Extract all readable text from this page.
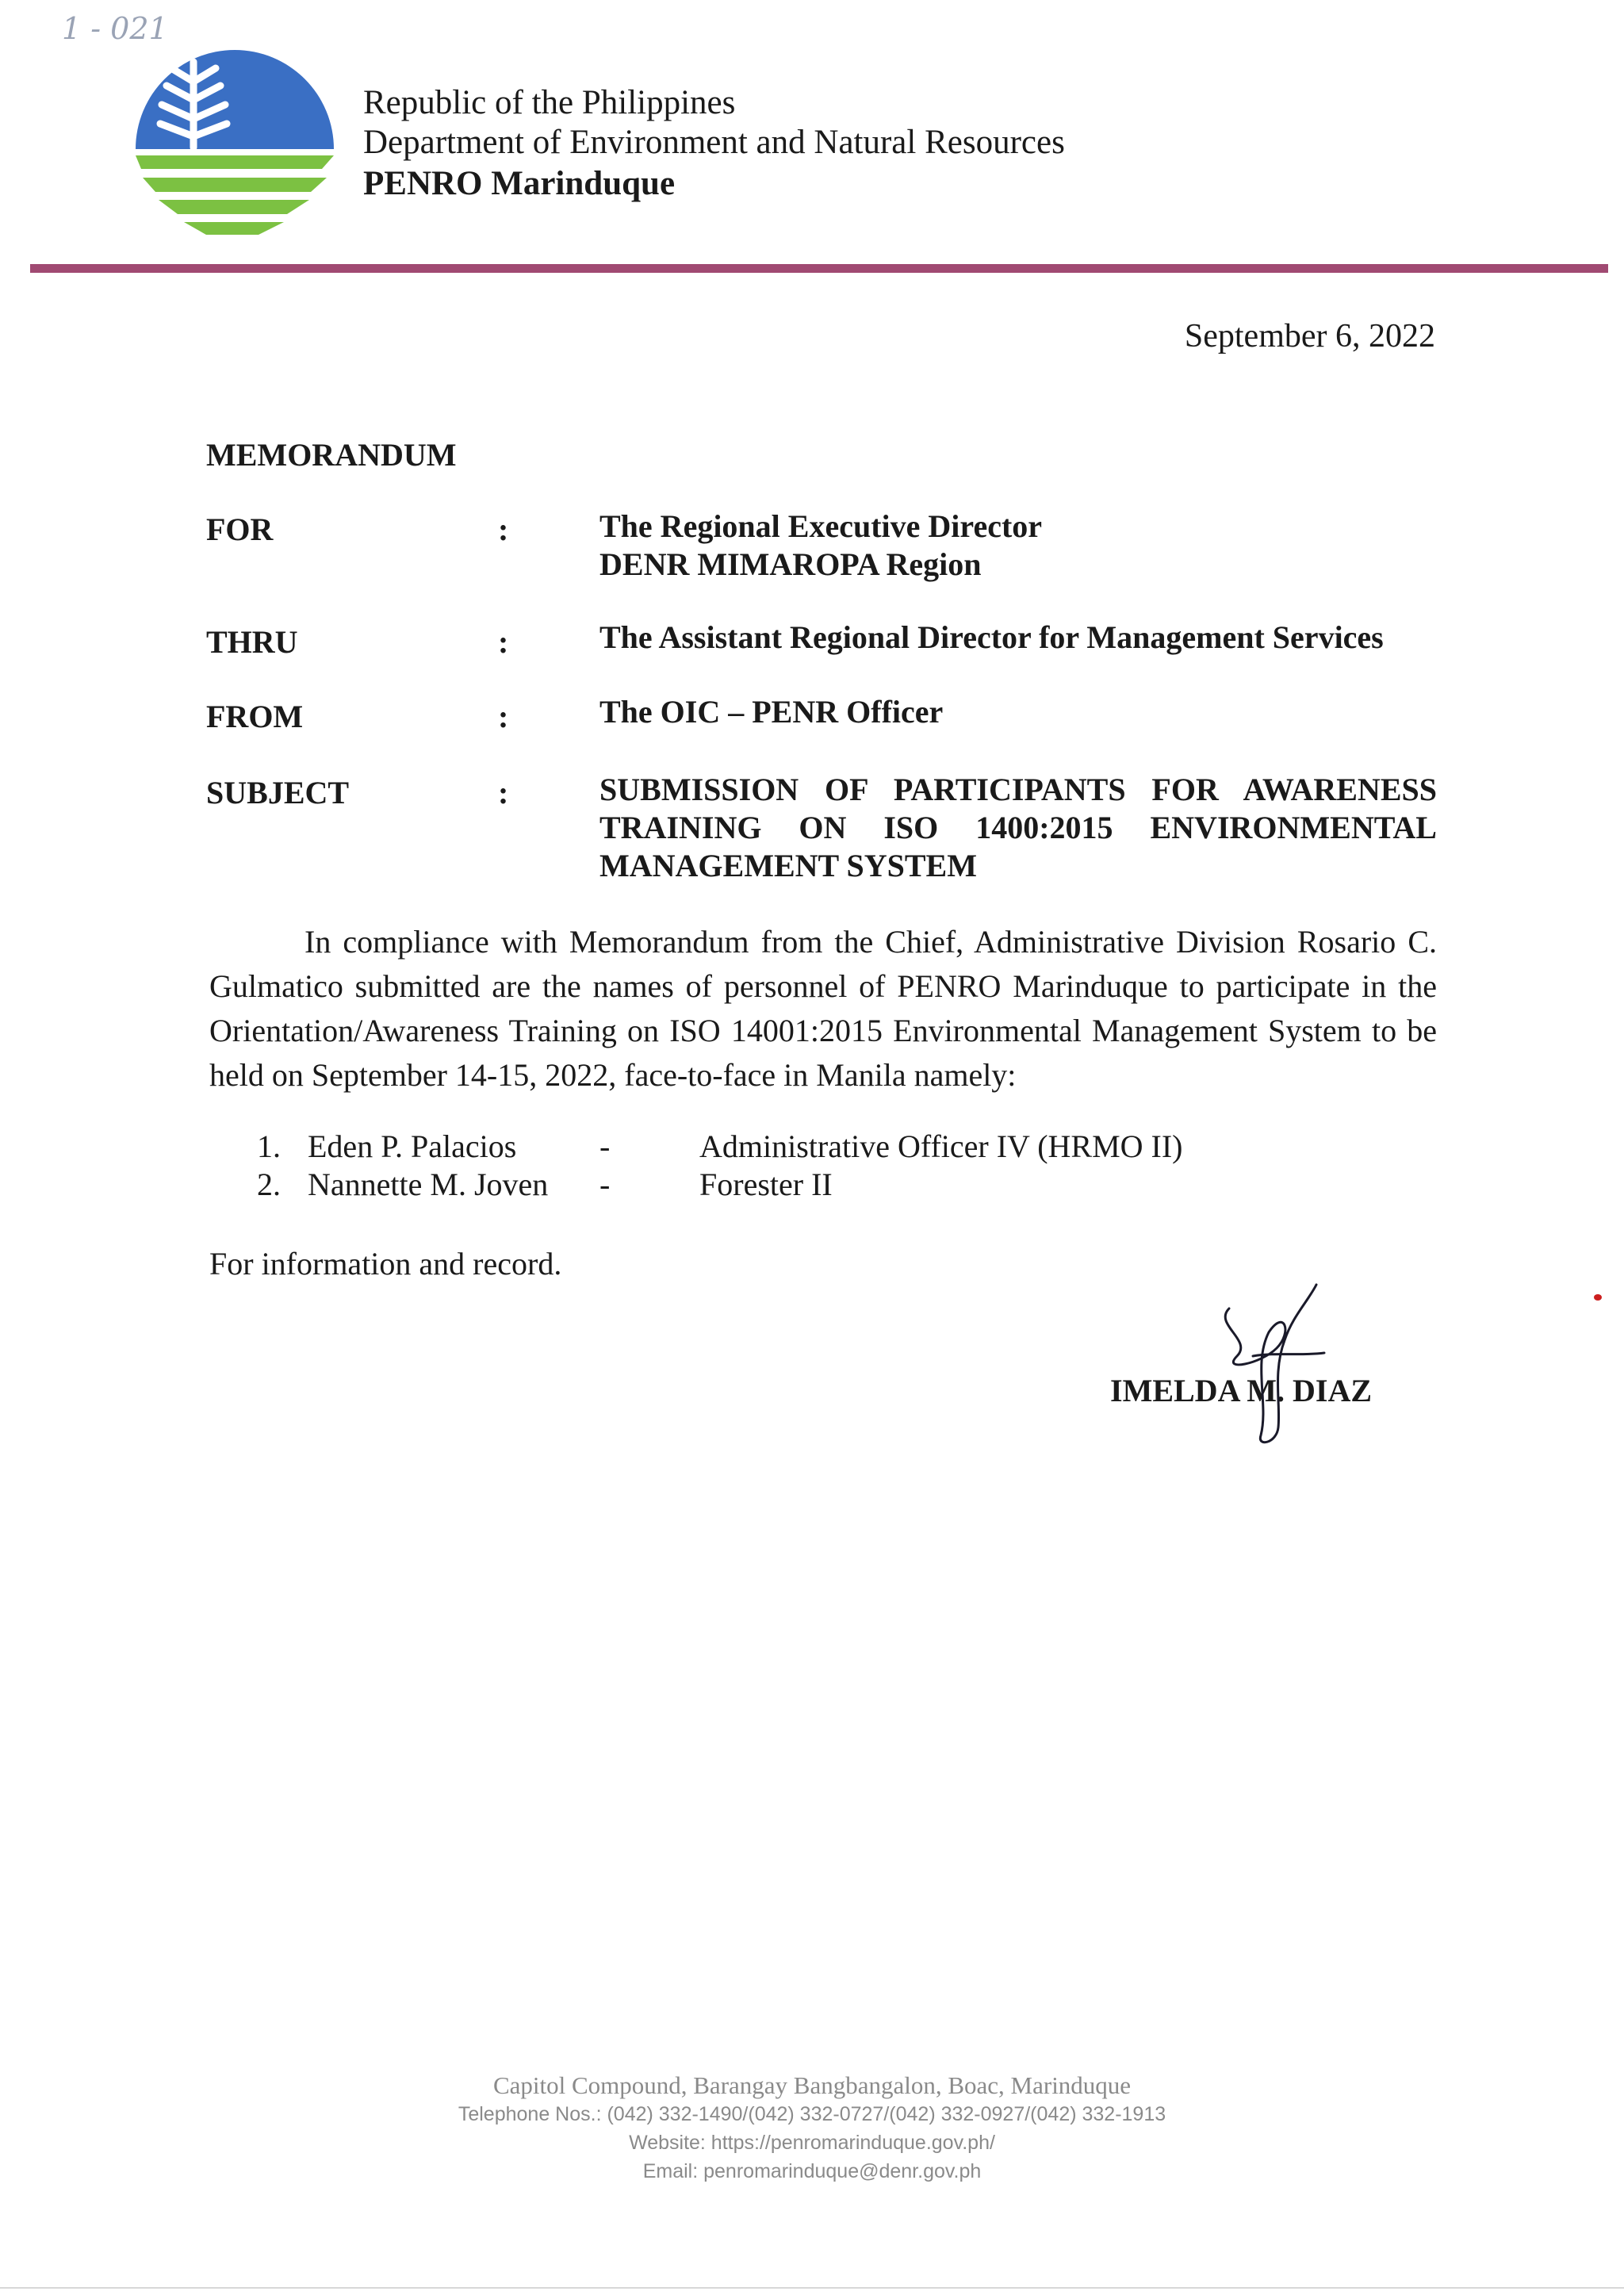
1 - 021
Republic of the Philippines
Department of Environment and Natural Resources
PENRO Marinduque
September 6, 2022
MEMORANDUM
FOR	:	The Regional Executive Director
DENR MIMAROPA Region
THRU	:	The Assistant Regional Director for Management Services
FROM	:	The OIC – PENR Officer
SUBJECT	:	SUBMISSION OF PARTICIPANTS FOR AWARENESS TRAINING ON ISO 1400:2015 ENVIRONMENTAL MANAGEMENT SYSTEM
In compliance with Memorandum from the Chief, Administrative Division Rosario C. Gulmatico submitted are the names of personnel of PENRO Marinduque to participate in the Orientation/Awareness Training on ISO 14001:2015 Environmental Management System to be held on September 14-15, 2022, face-to-face in Manila namely:
1. Eden P. Palacios	-	Administrative Officer IV (HRMO II)
2. Nannette M. Joven -	Forester II
For information and record.
IMELDA M. DIAZ
Capitol Compound, Barangay Bangbangalon, Boac, Marinduque
Telephone Nos.: (042) 332-1490/(042) 332-0727/(042) 332-0927/(042) 332-1913
Website: https://penromarinduque.gov.ph/
Email: penromarinduque@denr.gov.ph
